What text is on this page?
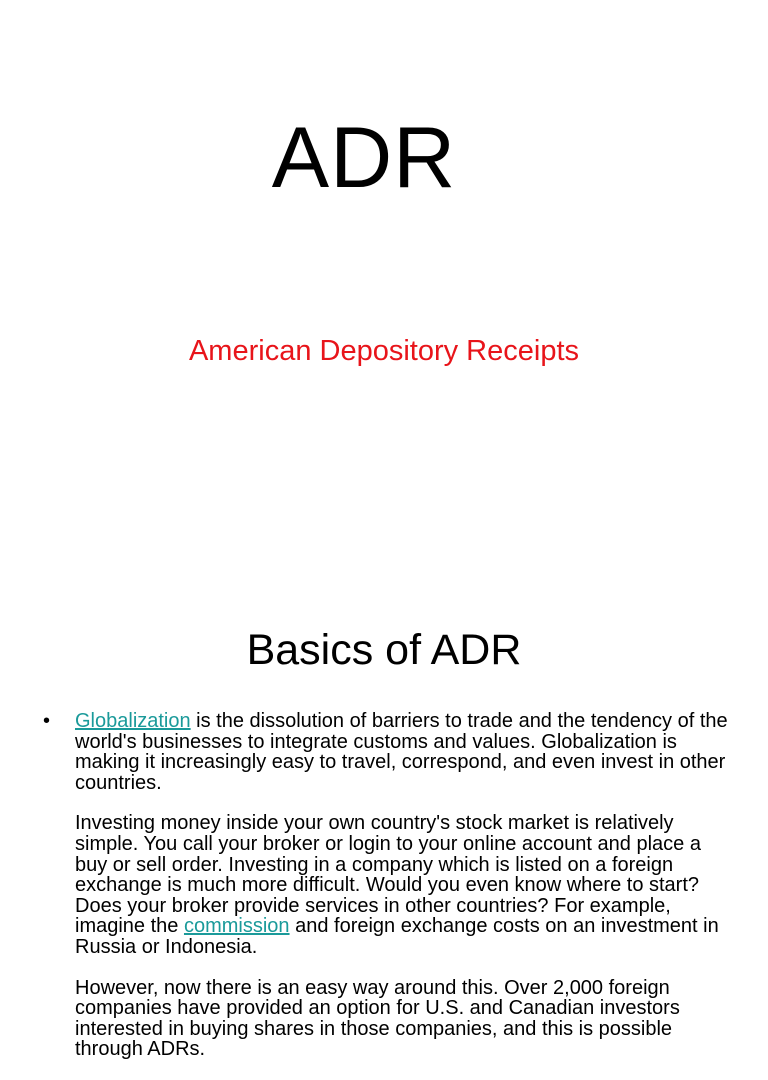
ADR
American Depository Receipts
Basics of ADR

• Globalization is the dissolution of barriers to trade and the tendency of the world's businesses to integrate customs and values. Globalization is making it increasingly easy to travel, correspond, and even invest in other countries.

Investing money inside your own country's stock market is relatively simple. You call your broker or login to your online account and place a buy or sell order. Investing in a company which is listed on a foreign exchange is much more difficult. Would you even know where to start? Does your broker provide services in other countries? For example, imagine the commission and foreign exchange costs on an investment in Russia or Indonesia.

However, now there is an easy way around this. Over 2,000 foreign companies have provided an option for U.S. and Canadian investors interested in buying shares in those companies, and this is possible through ADRs.
